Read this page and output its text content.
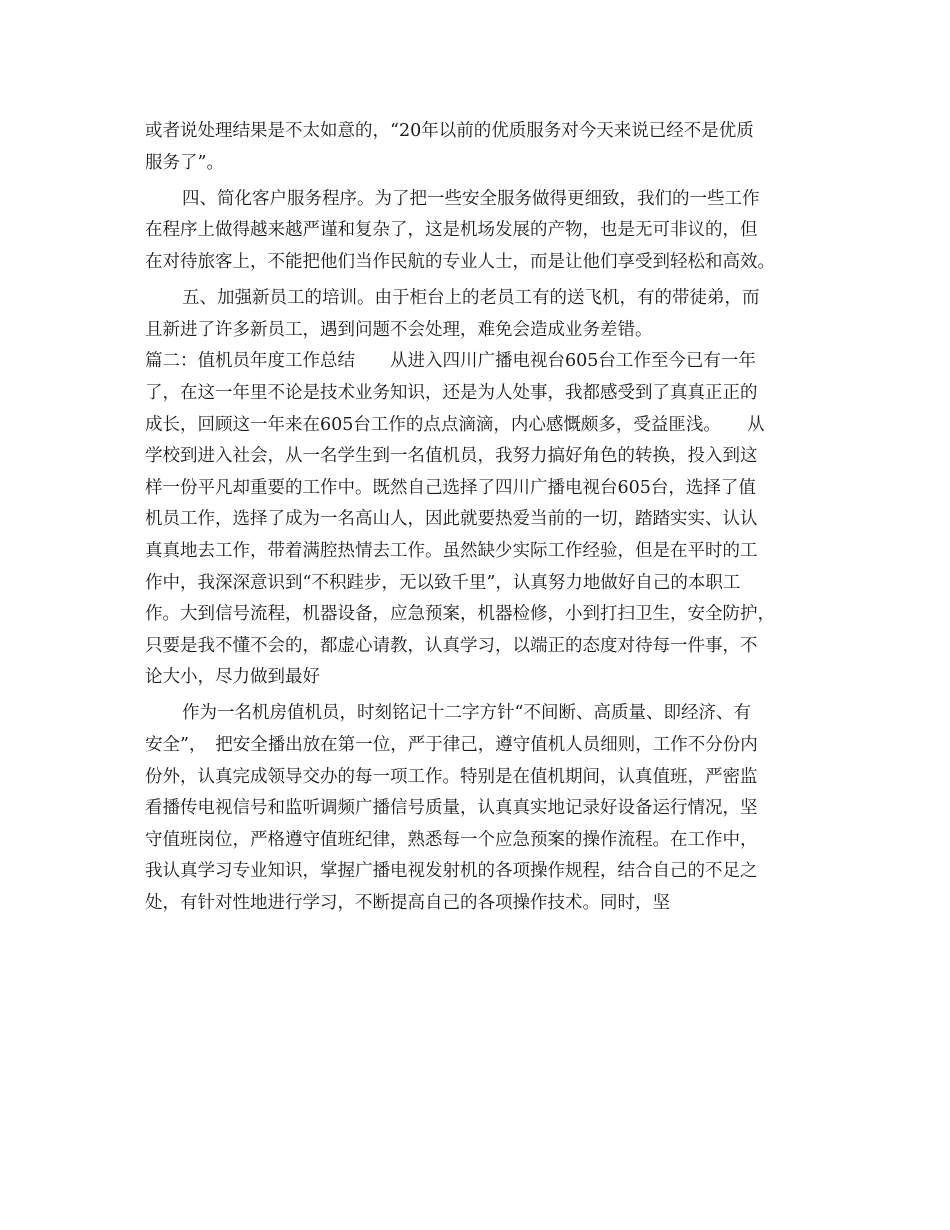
或者说处理结果是不太如意的，“20年以前的优质服务对今天来说已经不是优质
服务了”。
四、简化客户服务程序。为了把一些安全服务做得更细致，我们的一些工作
在程序上做得越来越严谨和复杂了，这是机场发展的产物，也是无可非议的，但
在对待旅客上，不能把他们当作民航的专业人士，而是让他们享受到轻松和高效。
五、加强新员工的培训。由于柜台上的老员工有的送飞机，有的带徒弟，而
且新进了许多新员工，遇到问题不会处理，难免会造成业务差错。
篇二：值机员年度工作总结　　从进入四川广播电视台605台工作至今已有一年
了，在这一年里不论是技术业务知识，还是为人处事，我都感受到了真真正正的
成长，回顾这一年来在605台工作的点点滴滴，内心感慨颇多，受益匪浅。　　从
学校到进入社会，从一名学生到一名值机员，我努力搞好角色的转换，投入到这
样一份平凡却重要的工作中。既然自己选择了四川广播电视台605台，选择了值
机员工作，选择了成为一名高山人，因此就要热爱当前的一切，踏踏实实、认认
真真地去工作，带着满腔热情去工作。虽然缺少实际工作经验，但是在平时的工
作中，我深深意识到“不积跬步，无以致千里”，认真努力地做好自己的本职工
作。大到信号流程，机器设备，应急预案，机器检修，小到打扫卫生，安全防护，
只要是我不懂不会的，都虚心请教，认真学习，以端正的态度对待每一件事，不
论大小，尽力做到最好
作为一名机房值机员，时刻铭记十二字方针“不间断、高质量、即经济、有
安全”，　把安全播出放在第一位，严于律己，遵守值机人员细则，工作不分份内
份外，认真完成领导交办的每一项工作。特别是在值机期间，认真值班，严密监
看播传电视信号和监听调频广播信号质量，认真真实地记录好设备运行情况，坚
守值班岗位，严格遵守值班纪律，熟悉每一个应急预案的操作流程。在工作中，
我认真学习专业知识，掌握广播电视发射机的各项操作规程，结合自己的不足之
处，有针对性地进行学习，不断提高自己的各项操作技术。同时，坚
